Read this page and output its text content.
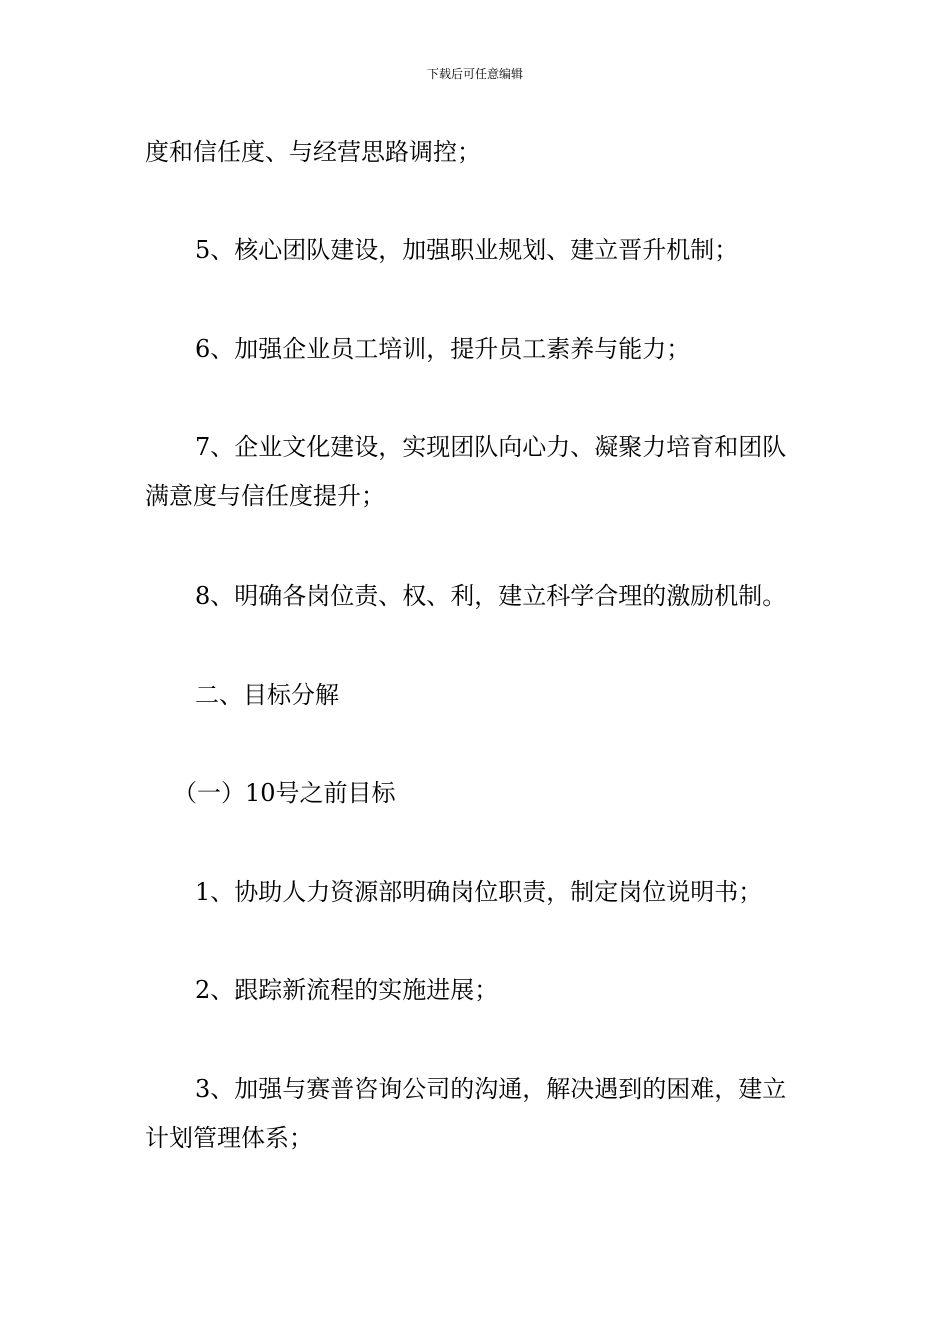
下载后可任意编辑

度和信任度、与经营思路调控；

5、核心团队建设，加强职业规划、建立晋升机制；

6、加强企业员工培训，提升员工素养与能力；

7、企业文化建设，实现团队向心力、凝聚力培育和团队满意度与信任度提升；

8、明确各岗位责、权、利，建立科学合理的激励机制。

二、目标分解

（一）10号之前目标

1、协助人力资源部明确岗位职责，制定岗位说明书；

2、跟踪新流程的实施进展；

3、加强与赛普咨询公司的沟通，解决遇到的困难，建立计划管理体系；
